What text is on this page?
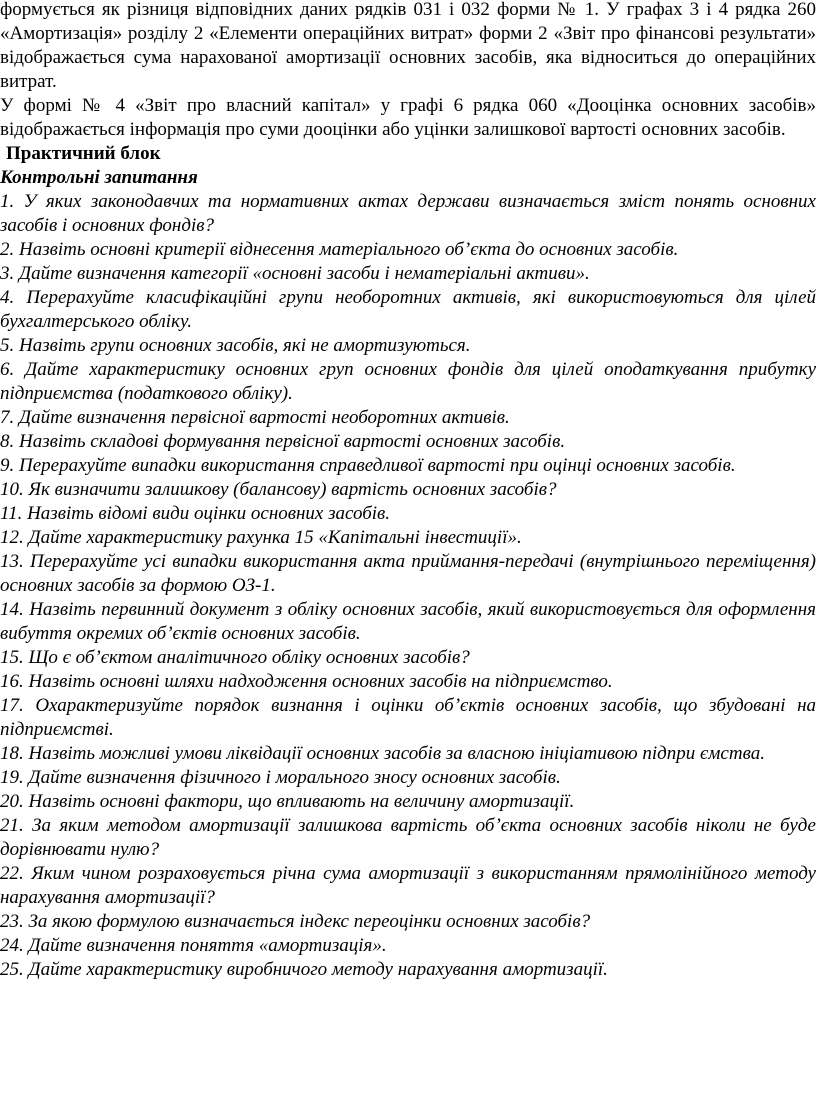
формується як різниця відповідних даних рядків 031 і 032 форми № 1. У графах 3 і 4 рядка 260 «Амортизація» розділу 2 «Елементи операційних витрат» форми 2 «Звіт про фінансові результати» відображається сума нарахованої амортизації основних засобів, яка відноситься до операційних витрат.

У формі № 4 «Звіт про власний капітал» у графі 6 рядка 060 «Дооцінка основних засобів» відображається інформація про суми дооцінки або уцінки залишкової вартості основних засобів.

Практичний блок

Контрольні запитання

1. У яких законодавчих та нормативних актах держави визначається зміст понять основних засобів і основних фондів?

2. Назвіть основні критерії віднесення матеріального об’єкта до основних засобів.

3. Дайте визначення категорії «основні засоби і нематеріальні активи».

4. Перерахуйте класифікаційні групи необоротних активів, які використовуються для цілей бухгалтерського обліку.

5. Назвіть групи основних засобів, які не амортизуються.

6. Дайте характеристику основних груп основних фондів для цілей оподаткування прибутку підприємства (податкового обліку).

7. Дайте визначення первісної вартості необоротних активів.

8. Назвіть складові формування первісної вартості основних засобів.

9. Перерахуйте випадки використання справедливої вартості при оцінці основних засобів.

10. Як визначити залишкову (балансову) вартість основних засобів?

11. Назвіть відомі види оцінки основних засобів.

12. Дайте характеристику рахунка 15 «Капітальні інвестиції».

13. Перерахуйте усі випадки використання акта приймання-передачі (внутрішнього переміщення) основних засобів за формою ОЗ-1.

14. Назвіть первинний документ з обліку основних засобів, який використовується для оформлення вибуття окремих об’єктів основних засобів.

15. Що є об’єктом аналітичного обліку основних засобів?

16. Назвіть основні шляхи надходження основних засобів на підприємство.

17. Охарактеризуйте порядок визнання і оцінки об’єктів основних засобів, що збудовані на підприємстві.

18. Назвіть можливі умови ліквідації основних засобів за власною ініціативою підпри ємства.

19. Дайте визначення фізичного і морального зносу основних засобів.

20. Назвіть основні фактори, що впливають на величину амортизації.

21. За яким методом амортизації залишкова вартість об’єкта основних засобів ніколи не буде дорівнювати нулю?

22. Яким чином розраховується річна сума амортизації з використанням прямолінійного методу нарахування амортизації?

23. За якою формулою визначається індекс переоцінки основних засобів?

24. Дайте визначення поняття «амортизація».

25. Дайте характеристику виробничого методу нарахування амортизації.
